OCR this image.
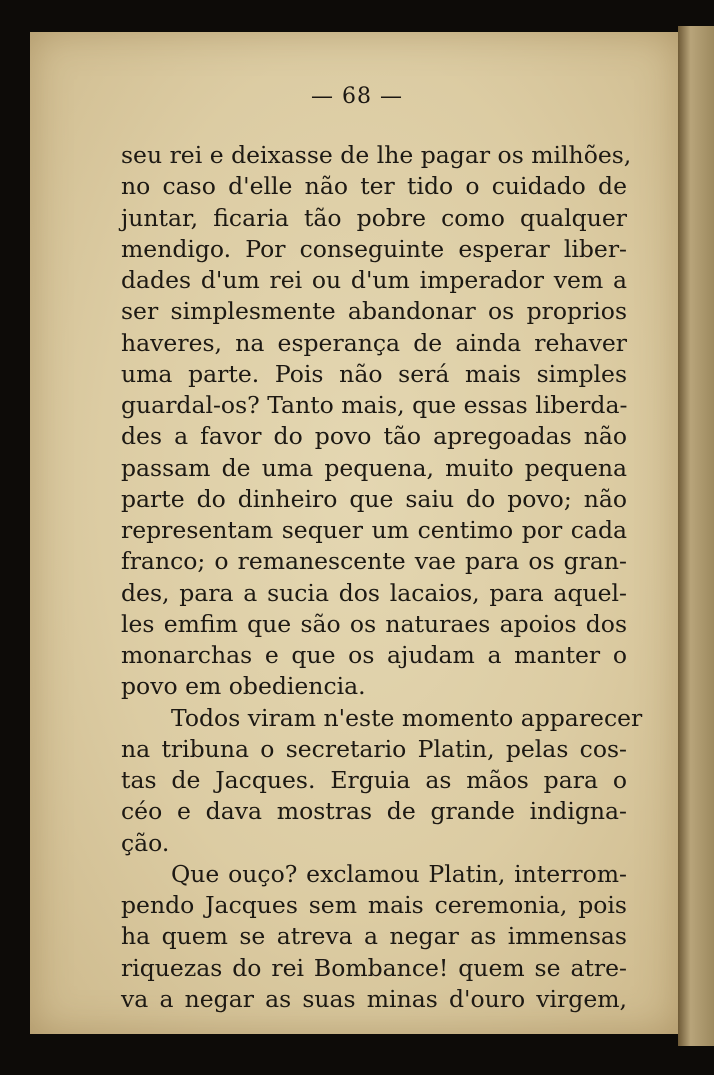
— 68 —
seu rei e deixasse de lhe pagar os milhões,
no caso d'elle não ter tido o cuidado de
juntar, ficaria tão pobre como qualquer
mendigo. Por conseguinte esperar liber-
dades d'um rei ou d'um imperador vem a
ser simplesmente abandonar os proprios
haveres, na esperança de ainda rehaver
uma parte. Pois não será mais simples
guardal-os? Tanto mais, que essas liberda-
des a favor do povo tão apregoadas não
passam de uma pequena, muito pequena
parte do dinheiro que saiu do povo; não
representam sequer um centimo por cada
franco; o remanescente vae para os gran-
des, para a sucia dos lacaios, para aquel-
les emfim que são os naturaes apoios dos
monarchas e que os ajudam a manter o
povo em obediencia.
Todos viram n'este momento apparecer
na tribuna o secretario Platin, pelas cos-
tas de Jacques. Erguia as mãos para o
céo e dava mostras de grande indigna-
ção.
Que ouço? exclamou Platin, interrom-
pendo Jacques sem mais ceremonia, pois
ha quem se atreva a negar as immensas
riquezas do rei Bombance! quem se atre-
va a negar as suas minas d'ouro virgem,
